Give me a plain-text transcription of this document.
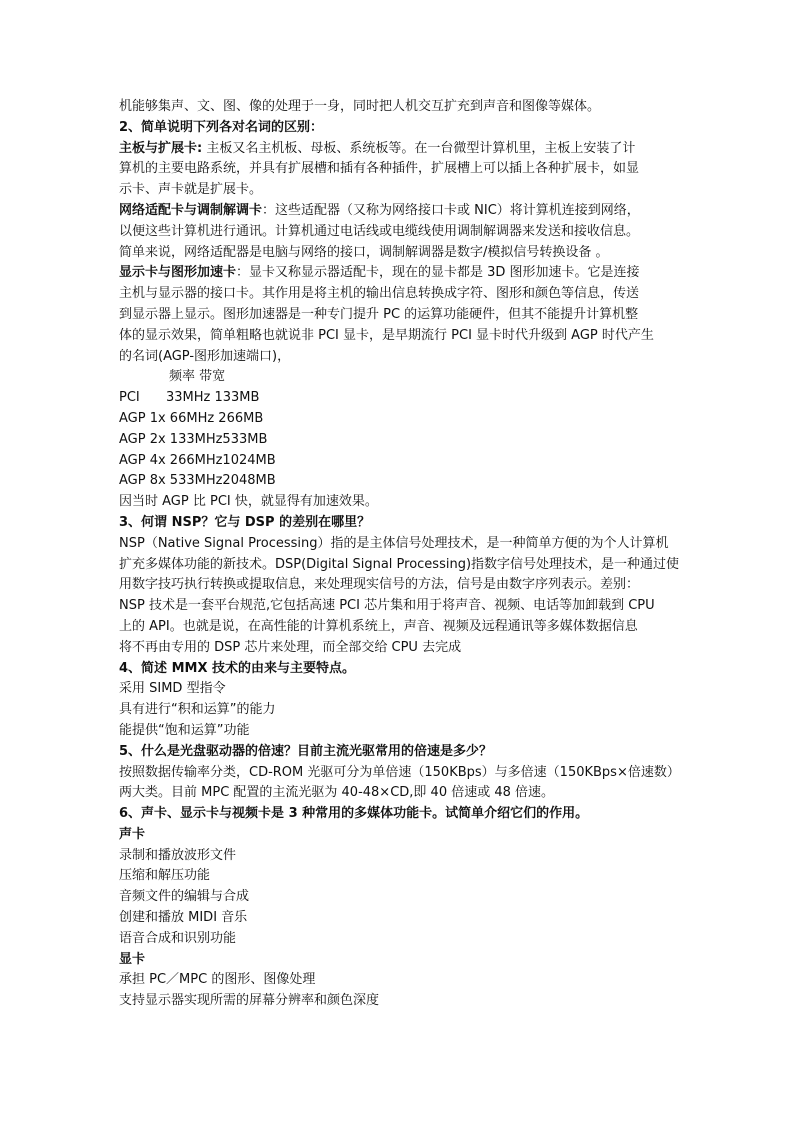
机能够集声、文、图、像的处理于一身，同时把人机交互扩充到声音和图像等媒体。

2、简单说明下列各对名词的区别：

主板与扩展卡: 主板又名主机板、母板、系统板等。在一台微型计算机里，主板上安装了计

算机的主要电路系统，并具有扩展槽和插有各种插件，扩展槽上可以插上各种扩展卡，如显

示卡、声卡就是扩展卡。

网络适配卡与调制解调卡：这些适配器（又称为网络接口卡或 NIC）将计算机连接到网络，

以便这些计算机进行通讯。计算机通过电话线或电缆线使用调制解调器来发送和接收信息。

简单来说，网络适配器是电脑与网络的接口，调制解调器是数字/模拟信号转换设备 。

显示卡与图形加速卡：显卡又称显示器适配卡，现在的显卡都是 3D 图形加速卡。它是连接

主机与显示器的接口卡。其作用是将主机的输出信息转换成字符、图形和颜色等信息，传送

到显示器上显示。图形加速器是一种专门提升 PC 的运算功能硬件，但其不能提升计算机整

体的显示效果，简单粗略也就说非 PCI 显卡，是早期流行 PCI 显卡时代升级到 AGP 时代产生

的名词(AGP-图形加速端口)，

频率 带宽

PCI 33MHz 133MB

AGP 1x 66MHz 266MB

AGP 2x 133MHz533MB

AGP 4x 266MHz1024MB

AGP 8x 533MHz2048MB

因当时 AGP 比 PCI 快，就显得有加速效果。

3、何谓 NSP？它与 DSP 的差别在哪里？

NSP（Native Signal Processing）指的是主体信号处理技术，是一种简单方便的为个人计算机

扩充多媒体功能的新技术。DSP(Digital Signal Processing)指数字信号处理技术，是一种通过使

用数字技巧执行转换或提取信息，来处理现实信号的方法，信号是由数字序列表示。差别：

NSP 技术是一套平台规范,它包括高速 PCI 芯片集和用于将声音、视频、电话等加卸载到 CPU

上的 API。也就是说，在高性能的计算机系统上，声音、视频及远程通讯等多媒体数据信息

将不再由专用的 DSP 芯片来处理，而全部交给 CPU 去完成

4、简述 MMX 技术的由来与主要特点。

采用 SIMD 型指令

具有进行“积和运算”的能力

能提供“饱和运算”功能

5、什么是光盘驱动器的倍速？目前主流光驱常用的倍速是多少？

按照数据传输率分类，CD-ROM 光驱可分为单倍速（150KBps）与多倍速（150KBps×倍速数）

两大类。目前 MPC 配置的主流光驱为 40-48×CD,即 40 倍速或 48 倍速。

6、声卡、显示卡与视频卡是 3 种常用的多媒体功能卡。试简单介绍它们的作用。

声卡

录制和播放波形文件

压缩和解压功能

音频文件的编辑与合成

创建和播放 MIDI 音乐

语音合成和识别功能

显卡

承担 PC／MPC 的图形、图像处理

支持显示器实现所需的屏幕分辨率和颜色深度
